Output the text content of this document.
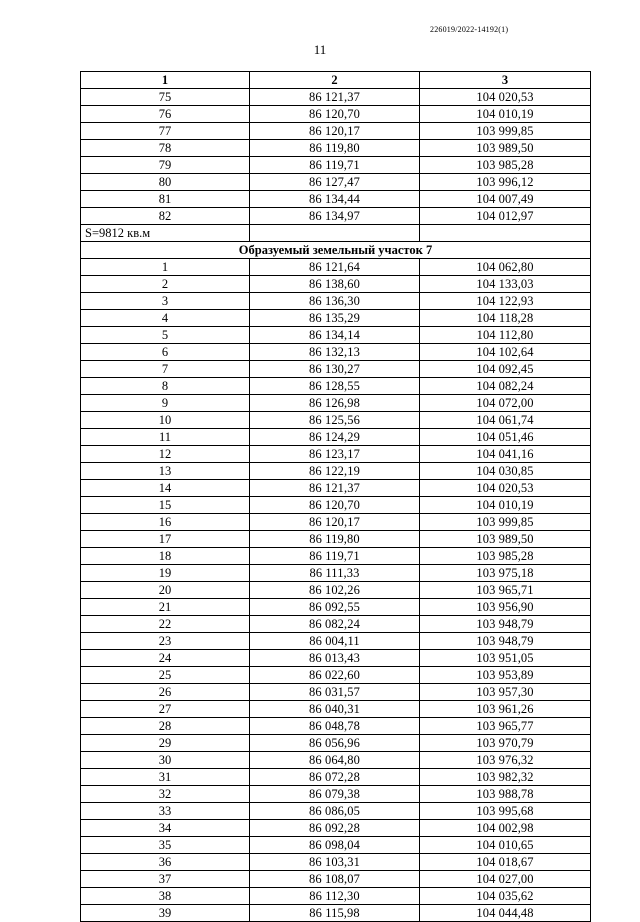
226019/2022-14192(1)
11
1	2	3
75	86 121,37	104 020,53
76	86 120,70	104 010,19
77	86 120,17	103 999,85
78	86 119,80	103 989,50
79	86 119,71	103 985,28
80	86 127,47	103 996,12
81	86 134,44	104 007,49
82	86 134,97	104 012,97
S=9812 кв.м		
Образуемый земельный участок 7		
1	86 121,64	104 062,80
2	86 138,60	104 133,03
3	86 136,30	104 122,93
4	86 135,29	104 118,28
5	86 134,14	104 112,80
6	86 132,13	104 102,64
7	86 130,27	104 092,45
8	86 128,55	104 082,24
9	86 126,98	104 072,00
10	86 125,56	104 061,74
11	86 124,29	104 051,46
12	86 123,17	104 041,16
13	86 122,19	104 030,85
14	86 121,37	104 020,53
15	86 120,70	104 010,19
16	86 120,17	103 999,85
17	86 119,80	103 989,50
18	86 119,71	103 985,28
19	86 111,33	103 975,18
20	86 102,26	103 965,71
21	86 092,55	103 956,90
22	86 082,24	103 948,79
23	86 004,11	103 948,79
24	86 013,43	103 951,05
25	86 022,60	103 953,89
26	86 031,57	103 957,30
27	86 040,31	103 961,26
28	86 048,78	103 965,77
29	86 056,96	103 970,79
30	86 064,80	103 976,32
31	86 072,28	103 982,32
32	86 079,38	103 988,78
33	86 086,05	103 995,68
34	86 092,28	104 002,98
35	86 098,04	104 010,65
36	86 103,31	104 018,67
37	86 108,07	104 027,00
38	86 112,30	104 035,62
39	86 115,98	104 044,48
